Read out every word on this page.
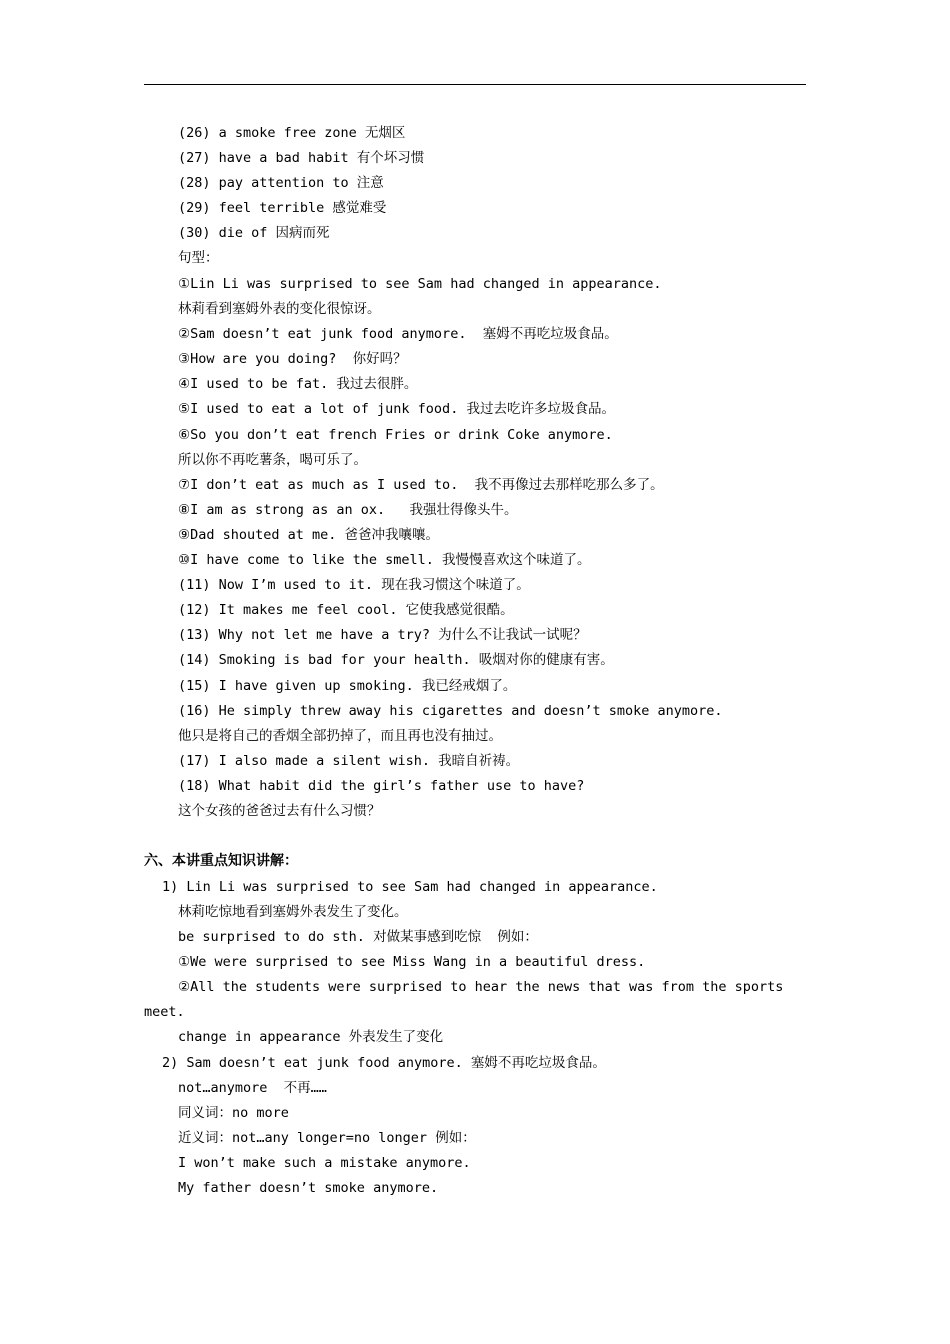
(26) a smoke free zone 无烟区
(27) have a bad habit 有个坏习惯
(28) pay attention to 注意
(29) feel terrible 感觉难受
(30) die of 因病而死
句型：
①Lin Li was surprised to see Sam had changed in appearance.
林莉看到塞姆外表的变化很惊讶。
②Sam doesn’t eat junk food anymore.  塞姆不再吃垃圾食品。
③How are you doing?  你好吗？
④I used to be fat. 我过去很胖。
⑤I used to eat a lot of junk food. 我过去吃许多垃圾食品。
⑥So you don’t eat french Fries or drink Coke anymore.
所以你不再吃薯条，喝可乐了。
⑦I don’t eat as much as I used to.  我不再像过去那样吃那么多了。
⑧I am as strong as an ox.   我强壮得像头牛。
⑨Dad shouted at me. 爸爸冲我嚷嚷。
⑩I have come to like the smell. 我慢慢喜欢这个味道了。
(11) Now I’m used to it. 现在我习惯这个味道了。
(12) It makes me feel cool. 它使我感觉很酷。
(13) Why not let me have a try? 为什么不让我试一试呢？
(14) Smoking is bad for your health. 吸烟对你的健康有害。
(15) I have given up smoking. 我已经戒烟了。
(16) He simply threw away his cigarettes and doesn’t smoke anymore.
他只是将自己的香烟全部扔掉了，而且再也没有抽过。
(17) I also made a silent wish. 我暗自祈祷。
(18) What habit did the girl’s father use to have?
这个女孩的爸爸过去有什么习惯？
六、本讲重点知识讲解：
1) Lin Li was surprised to see Sam had changed in appearance.
林莉吃惊地看到塞姆外表发生了变化。
be surprised to do sth. 对做某事感到吃惊  例如：
①We were surprised to see Miss Wang in a beautiful dress.
②All the students were surprised to hear the news that was from the sports
meet.
change in appearance 外表发生了变化
2) Sam doesn’t eat junk food anymore. 塞姆不再吃垃圾食品。
not…anymore  不再……
同义词：no more
近义词：not…any longer=no longer 例如：
I won’t make such a mistake anymore.
My father doesn’t smoke anymore.
